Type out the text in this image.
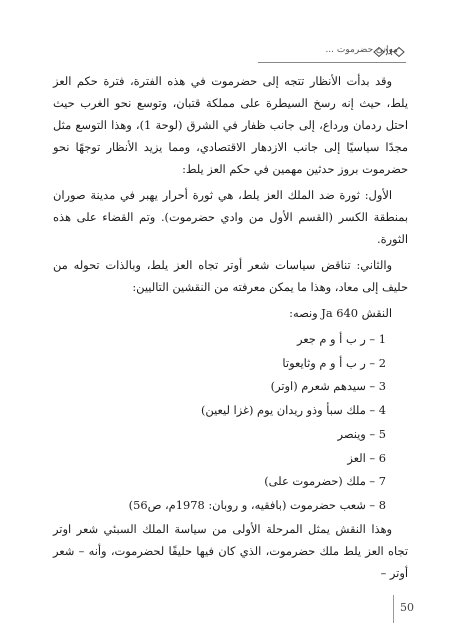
موانئ حضرموت ...

وقد بدأت الأنظار تتجه إلى حضرموت في هذه الفترة، فترة حكم العز يلط، حيث إنه رسخ السيطرة على مملكة قتبان، وتوسع نحو الغرب حيث احتل ردمان ورداع، إلى جانب ظفار في الشرق (لوحة 1)، وهذا التوسع مثل مجدًا سياسيًا إلى جانب الازدهار الاقتصادي، ومما يزيد الأنظار توجهًا نحو حضرموت بروز حدثين مهمين في حكم العز يلط:

الأول: ثورة ضد الملك العز يلط، هي ثورة أحرار يهبر في مدينة صوران بمنطقة الكسر (القسم الأول من وادي حضرموت). وتم القضاء على هذه الثورة.

والثاني: تناقض سياسات شعر أوتر تجاه العز يلط، وبالذات تحوله من حليف إلى معاد، وهذا ما يمكن معرفته من النقشين التاليين:

النقش Ja 640 ونصه:

1 – ر ب أ و م جعر
2 – ر ب أ و م وثايعوتا
3 – سيدهم شعرم (اوتر)
4 – ملك سبأ وذو ريدان يوم (غزا ليعين)
5 – وينصر
6 – العز
7 – ملك (حضرموت على)
8 – شعب حضرموت (بافقيه، و روبان: 1978م، ص56)

وهذا النقش يمثل المرحلة الأولى من سياسة الملك السبئي شعر اوتر تجاه العز يلط ملك حضرموت، الذي كان فيها حليفًا لحضرموت، وأنه – شعر أوتر –

50
